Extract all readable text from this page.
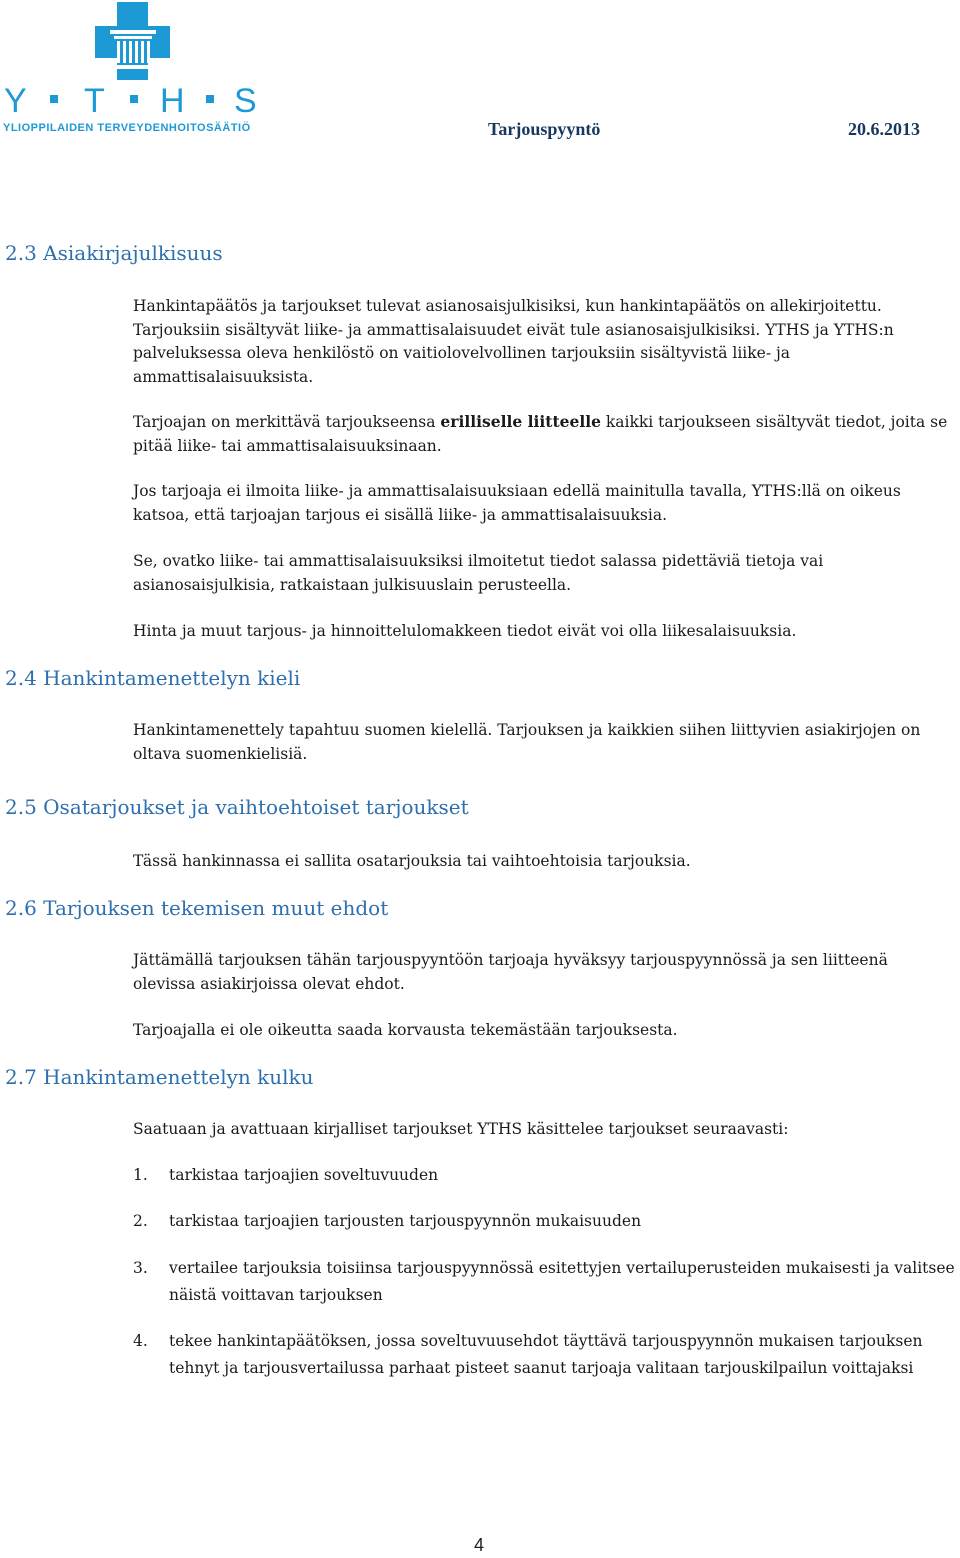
Y T H S
YLIOPPILAIDEN TERVEYDENHOITOSÄÄTIÖ	Tarjouspyyntö	20.6.2013
2.3 Asiakirjajulkisuus
Hankintapäätös ja tarjoukset tulevat asianosaisjulkisiksi, kun hankintapäätös on allekirjoitettu. Tarjouksiin sisältyvät liike- ja ammattisalaisuudet eivät tule asianosaisjulkisiksi. YTHS ja YTHS:n palveluksessa oleva henkilöstö on vaitiolovelvollinen tarjouksiin sisältyvistä liike- ja ammattisalaisuuksista.
Tarjoajan on merkittävä tarjoukseensa erilliselle liitteelle kaikki tarjoukseen sisältyvät tiedot, joita se pitää liike- tai ammattisalaisuuksinaan.
Jos tarjoaja ei ilmoita liike- ja ammattisalaisuuksiaan edellä mainitulla tavalla, YTHS:llä on oikeus katsoa, että tarjoajan tarjous ei sisällä liike- ja ammattisalaisuuksia.
Se, ovatko liike- tai ammattisalaisuuksiksi ilmoitetut tiedot salassa pidettäviä tietoja vai asianosaisjulkisia, ratkaistaan julkisuuslain perusteella.
Hinta ja muut tarjous- ja hinnoittelulomakkeen tiedot eivät voi olla liikesalaisuuksia.
2.4 Hankintamenettelyn kieli
Hankintamenettely tapahtuu suomen kielellä. Tarjouksen ja kaikkien siihen liittyvien asiakirjojen on oltava suomenkielisiä.
2.5 Osatarjoukset ja vaihtoehtoiset tarjoukset
Tässä hankinnassa ei sallita osatarjouksia tai vaihtoehtoisia tarjouksia.
2.6 Tarjouksen tekemisen muut ehdot
Jättämällä tarjouksen tähän tarjouspyyntöön tarjoaja hyväksyy tarjouspyynnössä ja sen liitteenä olevissa asiakirjoissa olevat ehdot.
Tarjoajalla ei ole oikeutta saada korvausta tekemästään tarjouksesta.
2.7 Hankintamenettelyn kulku
Saatuaan ja avattuaan kirjalliset tarjoukset YTHS käsittelee tarjoukset seuraavasti:
1. tarkistaa tarjoajien soveltuvuuden
2. tarkistaa tarjoajien tarjousten tarjouspyynnön mukaisuuden
3. vertailee tarjouksia toisiinsa tarjouspyynnössä esitettyjen vertailuperusteiden mukaisesti ja valitsee näistä voittavan tarjouksen
4. tekee hankintapäätöksen, jossa soveltuvuusehdot täyttävä tarjouspyynnön mukaisen tarjouksen tehnyt ja tarjousvertailussa parhaat pisteet saanut tarjoaja valitaan tarjouskilpailun voittajaksi
4
